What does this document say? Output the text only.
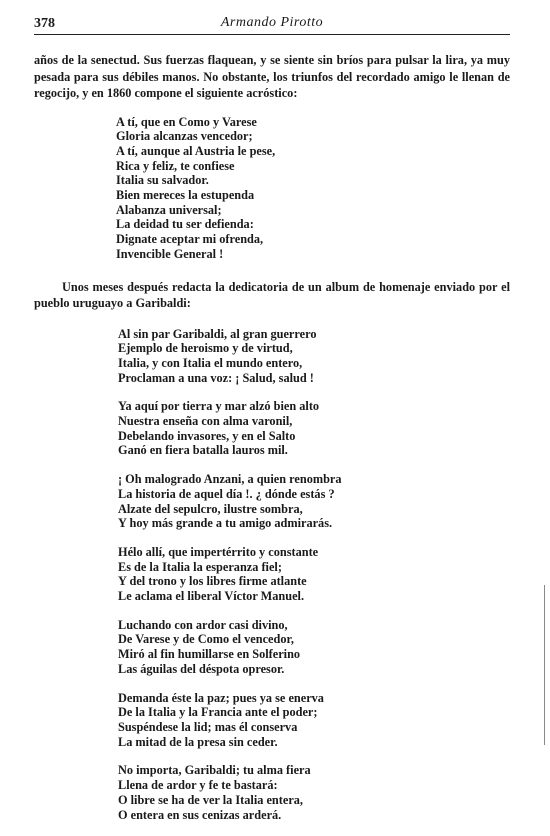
378	Armando Pirotto

años de la senectud. Sus fuerzas flaquean, y se siente sin bríos para pulsar la lira, ya muy pesada para sus débiles manos. No obstante, los triunfos del recordado amigo le llenan de regocijo, y en 1860 compone el siguiente acróstico:

A tí, que en Como y Varese
Gloria alcanzas vencedor;
A tí, aunque al Austria le pese,
Rica y feliz, te confiese
Italia su salvador.
Bien mereces la estupenda
Alabanza universal;
La deidad tu ser defienda:
Dignate aceptar mi ofrenda,
Invencible General !

Unos meses después redacta la dedicatoria de un album de homenaje enviado por el pueblo uruguayo a Garibaldi:

Al sin par Garibaldi, al gran guerrero
Ejemplo de heroismo y de virtud,
Italia, y con Italia el mundo entero,
Proclaman a una voz: ¡ Salud, salud !
Ya aquí por tierra y mar alzó bien alto
Nuestra enseña con alma varonil,
Debelando invasores, y en el Salto
Ganó en fiera batalla lauros mil.
¡ Oh malogrado Anzani, a quien renombra
La historia de aquel día !. ¿ dónde estás ?
Alzate del sepulcro, ilustre sombra,
Y hoy más grande a tu amigo admirarás.
Hélo allí, que impertérrito y constante
Es de la Italia la esperanza fiel;
Y del trono y los libres firme atlante
Le aclama el liberal Víctor Manuel.
Luchando con ardor casi divino,
De Varese y de Como el vencedor,
Miró al fin humillarse en Solferino
Las águilas del déspota opresor.
Demanda éste la paz; pues ya se enerva
De la Italia y la Francia ante el poder;
Suspéndese la lid; mas él conserva
La mitad de la presa sin ceder.
No importa, Garibaldi; tu alma fiera
Llena de ardor y fe te bastará:
O libre se ha de ver la Italia entera,
O entera en sus cenizas arderá.
